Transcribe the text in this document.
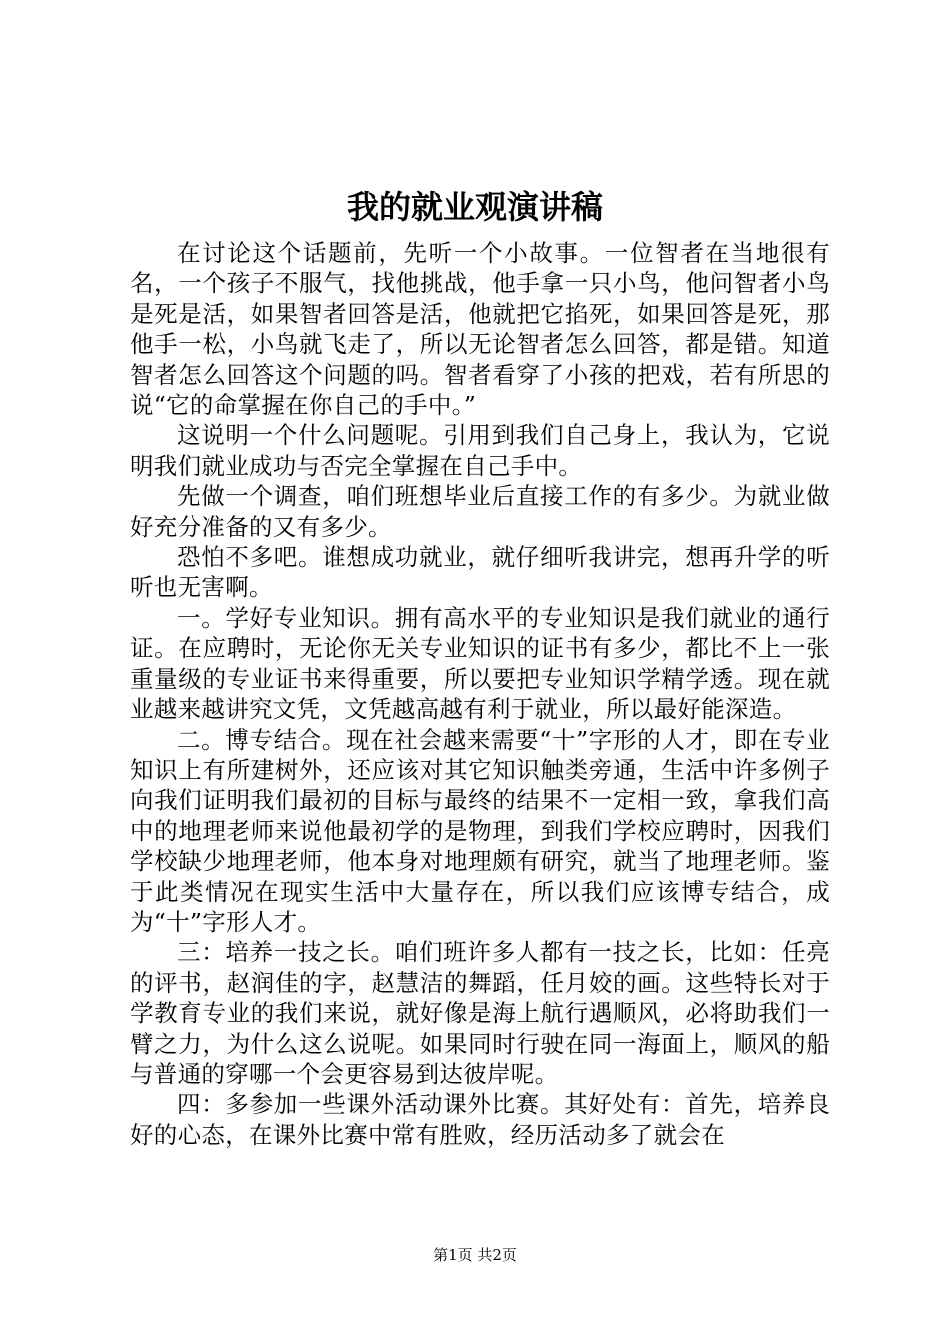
我的就业观演讲稿

在讨论这个话题前，先听一个小故事。一位智者在当地很有名，一个孩子不服气，找他挑战，他手拿一只小鸟，他问智者小鸟是死是活，如果智者回答是活，他就把它掐死，如果回答是死，那他手一松，小鸟就飞走了，所以无论智者怎么回答，都是错。知道智者怎么回答这个问题的吗。智者看穿了小孩的把戏，若有所思的说“它的命掌握在你自己的手中。”

这说明一个什么问题呢。引用到我们自己身上，我认为，它说明我们就业成功与否完全掌握在自己手中。

先做一个调查，咱们班想毕业后直接工作的有多少。为就业做好充分准备的又有多少。

恐怕不多吧。谁想成功就业，就仔细听我讲完，想再升学的听听也无害啊。

一。学好专业知识。拥有高水平的专业知识是我们就业的通行证。在应聘时，无论你无关专业知识的证书有多少，都比不上一张重量级的专业证书来得重要，所以要把专业知识学精学透。现在就业越来越讲究文凭，文凭越高越有利于就业，所以最好能深造。

二。博专结合。现在社会越来需要“十”字形的人才，即在专业知识上有所建树外，还应该对其它知识触类旁通，生活中许多例子向我们证明我们最初的目标与最终的结果不一定相一致，拿我们高中的地理老师来说他最初学的是物理，到我们学校应聘时，因我们学校缺少地理老师，他本身对地理颇有研究，就当了地理老师。鉴于此类情况在现实生活中大量存在，所以我们应该博专结合，成为“十”字形人才。

三：培养一技之长。咱们班许多人都有一技之长，比如：任亮的评书，赵润佳的字，赵慧洁的舞蹈，任月姣的画。这些特长对于学教育专业的我们来说，就好像是海上航行遇顺风，必将助我们一臂之力，为什么这么说呢。如果同时行驶在同一海面上，顺风的船与普通的穿哪一个会更容易到达彼岸呢。

四：多参加一些课外活动课外比赛。其好处有：首先，培养良好的心态，在课外比赛中常有胜败，经历活动多了就会在

第1页 共2页
